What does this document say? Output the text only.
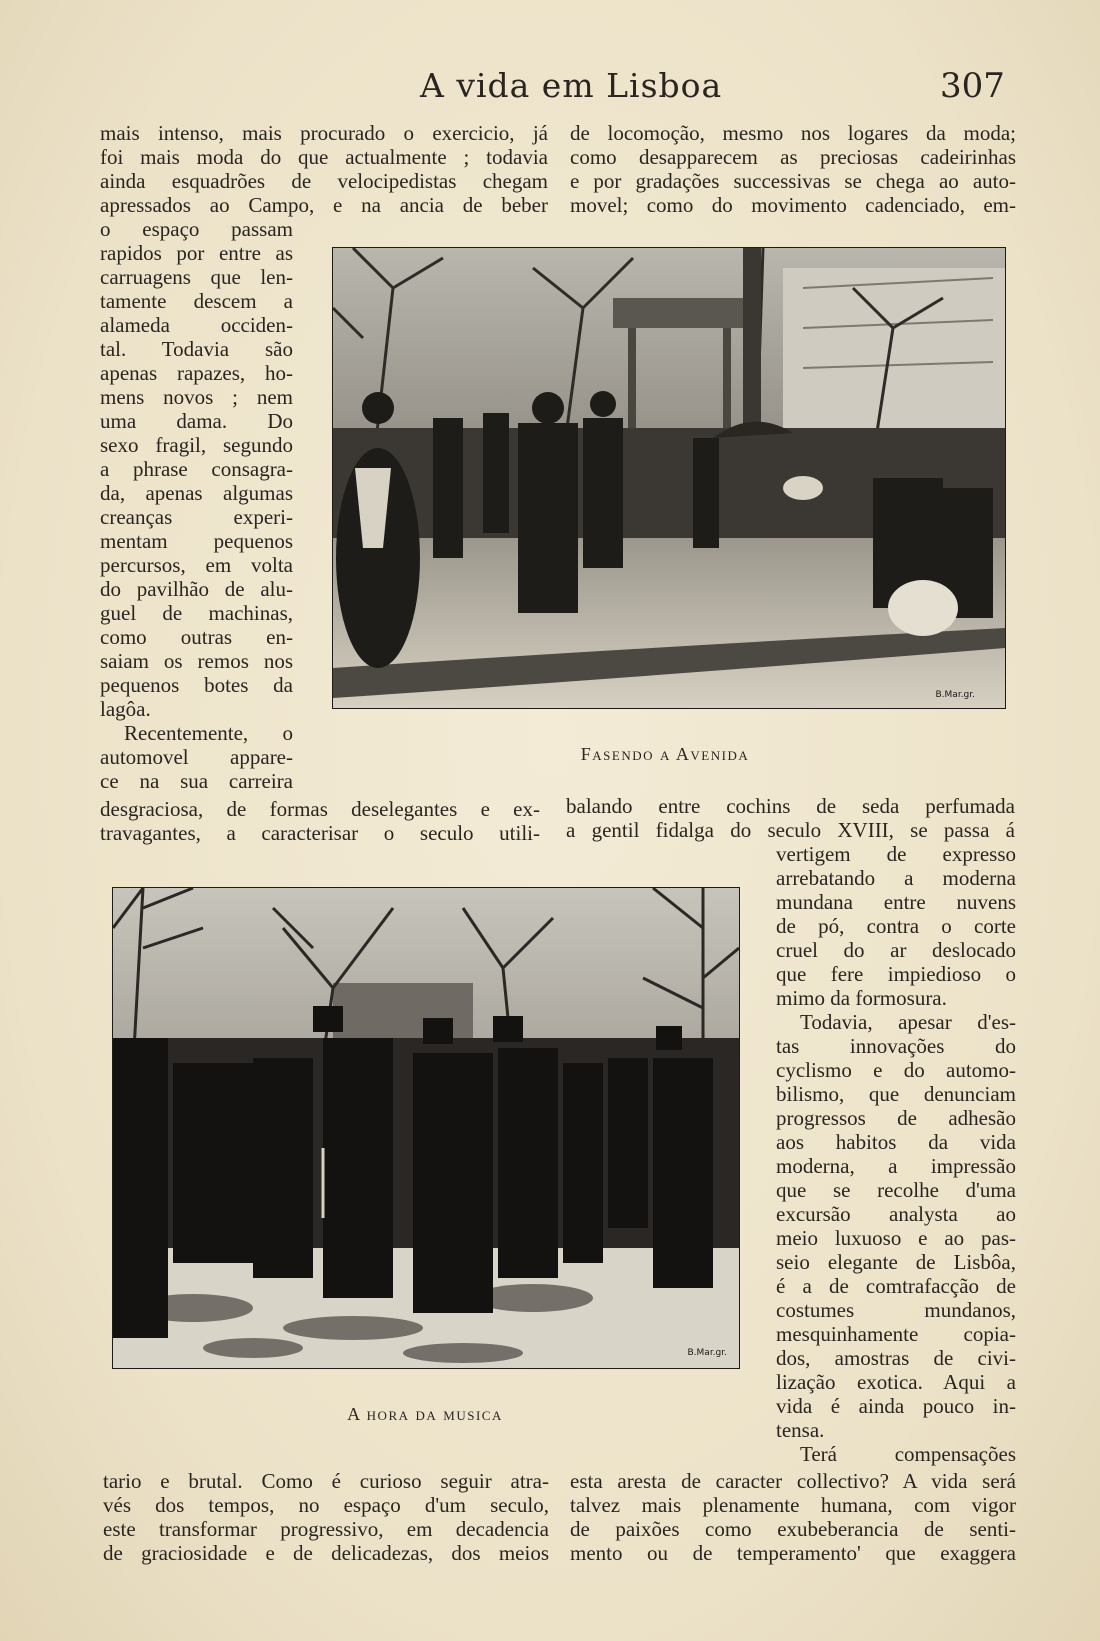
A vida em Lisboa	307
mais intenso, mais procurado o exercicio, já
foi mais moda do que actualmente ; todavia
ainda esquadrões de velocipedistas chegam
apressados ao Campo, e na ancia de beber
o espaço passam
rapidos por entre as
carruagens que len-
tamente descem a
alameda occiden-
tal. Todavia são
apenas rapazes, ho-
mens novos ; nem
uma dama. Do
sexo fragil, segundo
a phrase consagra-
da, apenas algumas
creanças experi-
mentam pequenos
percursos, em volta
do pavilhão de alu-
guel de machinas,
como outras en-
saiam os remos nos
pequenos botes da
lagôa.
Recentemente, o
automovel appare-
ce na sua carreira
desgraciosa, de formas deselegantes e ex-
travagantes, a caracterisar o seculo utili-
de locomoção, mesmo nos logares da moda;
como desapparecem as preciosas cadeirinhas
e por gradações successivas se chega ao auto-
movel; como do movimento cadenciado, em-
B.Mar.gr.
Fasendo a Avenida
balando entre cochins de seda perfumada
a gentil fidalga do seculo XVIII, se passa á
B.Mar.gr.
A hora da musica
vertigem de expresso
arrebatando a moderna
mundana entre nuvens
de pó, contra o corte
cruel do ar deslocado
que fere impiedioso o
mimo da formosura.
Todavia, apesar d'es-
tas innovações do
cyclismo e do automo-
bilismo, que denunciam
progressos de adhesão
aos habitos da vida
moderna, a impressão
que se recolhe d'uma
excursão analysta ao
meio luxuoso e ao pas-
seio elegante de Lisbôa,
é a de comtrafacção de
costumes mundanos,
mesquinhamente copia-
dos, amostras de civi-
lização exotica. Aqui a
vida é ainda pouco in-
tensa.
Terá compensações
tario e brutal. Como é curioso seguir atra-
vés dos tempos, no espaço d'um seculo,
este transformar progressivo, em decadencia
de graciosidade e de delicadezas, dos meios
esta aresta de caracter collectivo? A vida será
talvez mais plenamente humana, com vigor
de paixões como exubeberancia de senti-
mento ou de temperamento' que exaggera
